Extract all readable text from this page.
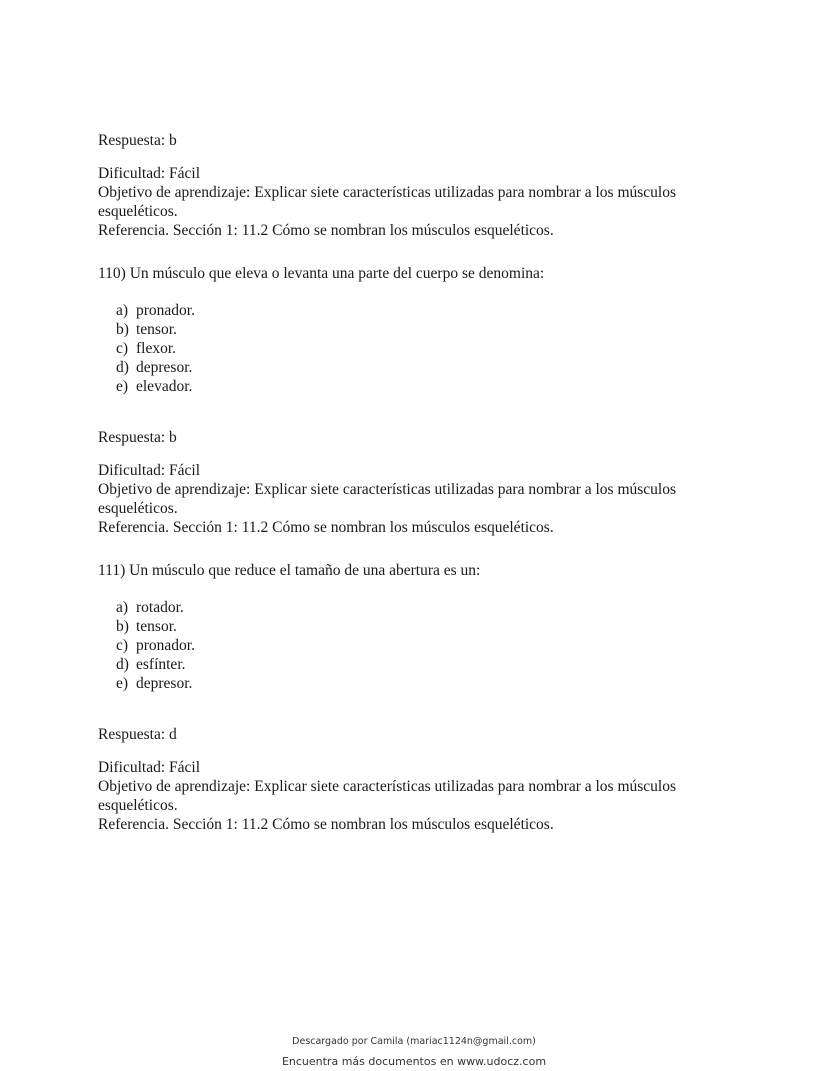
Respuesta: b

Dificultad: Fácil

Objetivo de aprendizaje: Explicar siete características utilizadas para nombrar a los músculos esqueléticos.

Referencia. Sección 1: 11.2 Cómo se nombran los músculos esqueléticos.

110) Un músculo que eleva o levanta una parte del cuerpo se denomina:

a) pronador.
b) tensor.
c) flexor.
d) depresor.
e) elevador.

Respuesta: b

Dificultad: Fácil

Objetivo de aprendizaje: Explicar siete características utilizadas para nombrar a los músculos esqueléticos.

Referencia. Sección 1: 11.2 Cómo se nombran los músculos esqueléticos.

111) Un músculo que reduce el tamaño de una abertura es un:

a) rotador.
b) tensor.
c) pronador.
d) esfínter.
e) depresor.

Respuesta: d

Dificultad: Fácil

Objetivo de aprendizaje: Explicar siete características utilizadas para nombrar a los músculos esqueléticos.

Referencia. Sección 1: 11.2 Cómo se nombran los músculos esqueléticos.

Descargado por Camila (mariac1124n@gmail.com)
Encuentra más documentos en www.udocz.com
